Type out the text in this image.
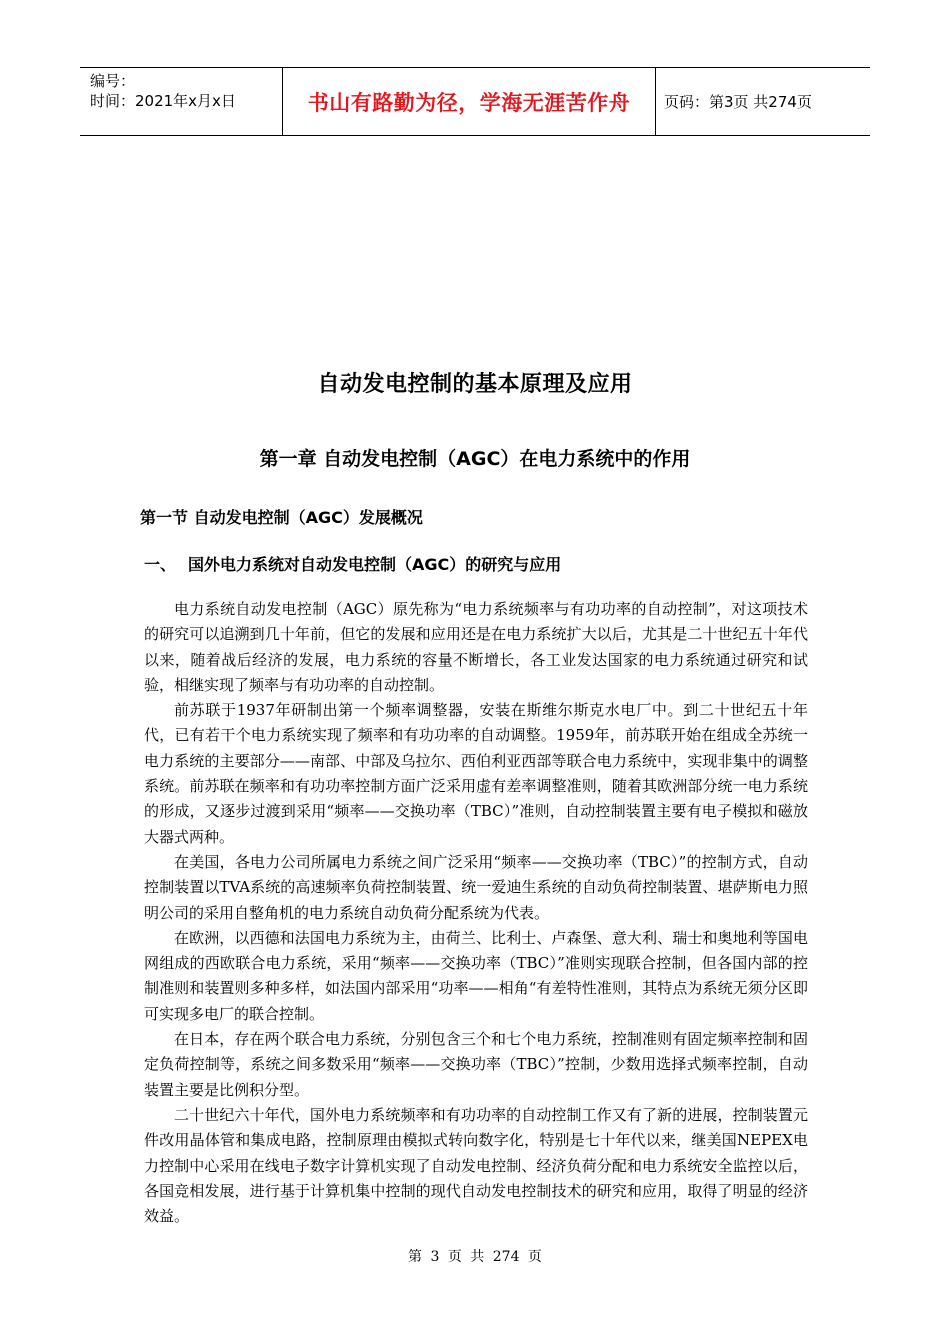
编号：
时间：2021年x月x日	书山有路勤为径，学海无涯苦作舟 页码：第3页 共274页
自动发电控制的基本原理及应用
第一章 自动发电控制（AGC）在电力系统中的作用
第一节 自动发电控制（AGC）发展概况
一、 国外电力系统对自动发电控制（AGC）的研究与应用

电力系统自动发电控制（AGC）原先称为“电力系统频率与有功功率的自动控制”，对这项技术的研究可以追溯到几十年前，但它的发展和应用还是在电力系统扩大以后，尤其是二十世纪五十年代以来，随着战后经济的发展，电力系统的容量不断增长，各工业发达国家的电力系统通过研究和试验，相继实现了频率与有功功率的自动控制。

前苏联于1937年研制出第一个频率调整器，安装在斯维尔斯克水电厂中。到二十世纪五十年代，已有若干个电力系统实现了频率和有功功率的自动调整。1959年，前苏联开始在组成全苏统一电力系统的主要部分——南部、中部及乌拉尔、西伯利亚西部等联合电力系统中，实现非集中的调整系统。前苏联在频率和有功功率控制方面广泛采用虚有差率调整准则，随着其欧洲部分统一电力系统的形成，又逐步过渡到采用“频率——交换功率（TBC）”准则，自动控制装置主要有电子模拟和磁放大器式两种。

在美国，各电力公司所属电力系统之间广泛采用“频率——交换功率（TBC）”的控制方式，自动控制装置以TVA系统的高速频率负荷控制装置、统一爱迪生系统的自动负荷控制装置、堪萨斯电力照明公司的采用自整角机的电力系统自动负荷分配系统为代表。

在欧洲，以西德和法国电力系统为主，由荷兰、比利士、卢森堡、意大利、瑞士和奥地利等国电网组成的西欧联合电力系统，采用“频率——交换功率（TBC）”准则实现联合控制，但各国内部的控制准则和装置则多种多样，如法国内部采用“功率——相角“有差特性准则，其特点为系统无须分区即可实现多电厂的联合控制。

在日本，存在两个联合电力系统，分别包含三个和七个电力系统，控制准则有固定频率控制和固定负荷控制等，系统之间多数采用“频率——交换功率（TBC）”控制，少数用选择式频率控制，自动装置主要是比例积分型。

二十世纪六十年代，国外电力系统频率和有功功率的自动控制工作又有了新的进展，控制装置元件改用晶体管和集成电路，控制原理由模拟式转向数字化，特别是七十年代以来，继美国NEPEX电力控制中心采用在线电子数字计算机实现了自动发电控制、经济负荷分配和电力系统安全监控以后，各国竞相发展，进行基于计算机集中控制的现代自动发电控制技术的研究和应用，取得了明显的经济效益。

第 3 页 共 274 页
